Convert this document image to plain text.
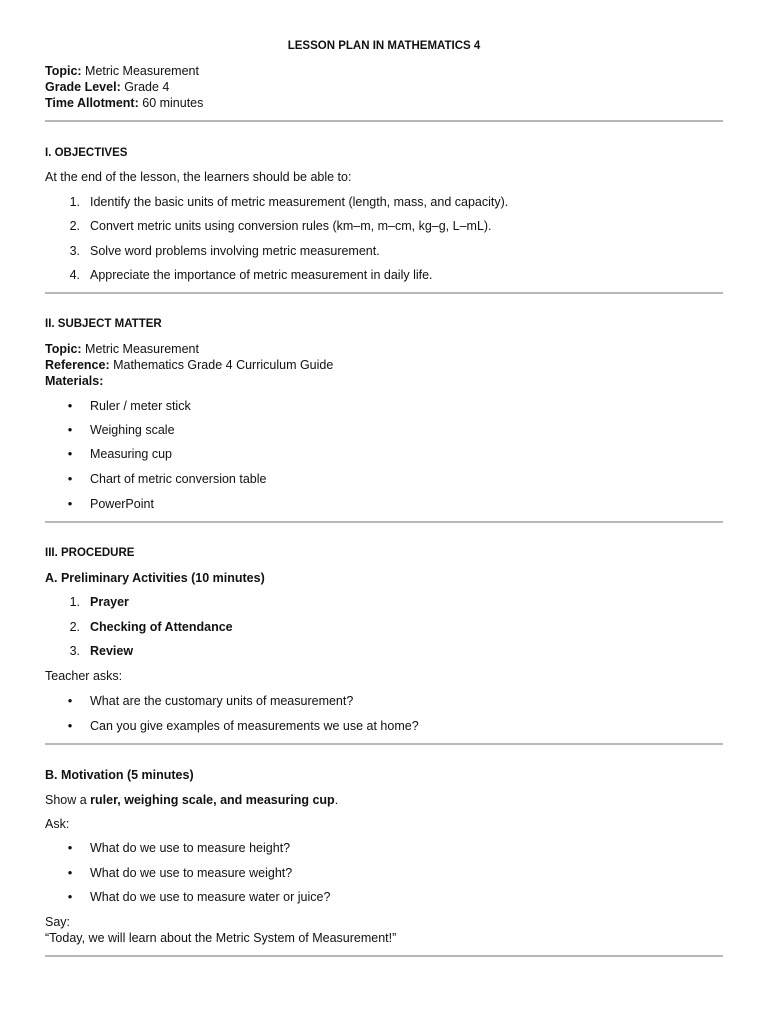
LESSON PLAN IN MATHEMATICS 4
Topic: Metric Measurement
Grade Level: Grade 4
Time Allotment: 60 minutes
I. OBJECTIVES
At the end of the lesson, the learners should be able to:
1. Identify the basic units of metric measurement (length, mass, and capacity).
2. Convert metric units using conversion rules (km–m, m–cm, kg–g, L–mL).
3. Solve word problems involving metric measurement.
4. Appreciate the importance of metric measurement in daily life.
II. SUBJECT MATTER
Topic: Metric Measurement
Reference: Mathematics Grade 4 Curriculum Guide
Materials:
• Ruler / meter stick
• Weighing scale
• Measuring cup
• Chart of metric conversion table
• PowerPoint
III. PROCEDURE
A. Preliminary Activities (10 minutes)
1. Prayer
2. Checking of Attendance
3. Review
Teacher asks:
• What are the customary units of measurement?
• Can you give examples of measurements we use at home?
B. Motivation (5 minutes)
Show a ruler, weighing scale, and measuring cup.
Ask:
• What do we use to measure height?
• What do we use to measure weight?
• What do we use to measure water or juice?
Say:
“Today, we will learn about the Metric System of Measurement!”
